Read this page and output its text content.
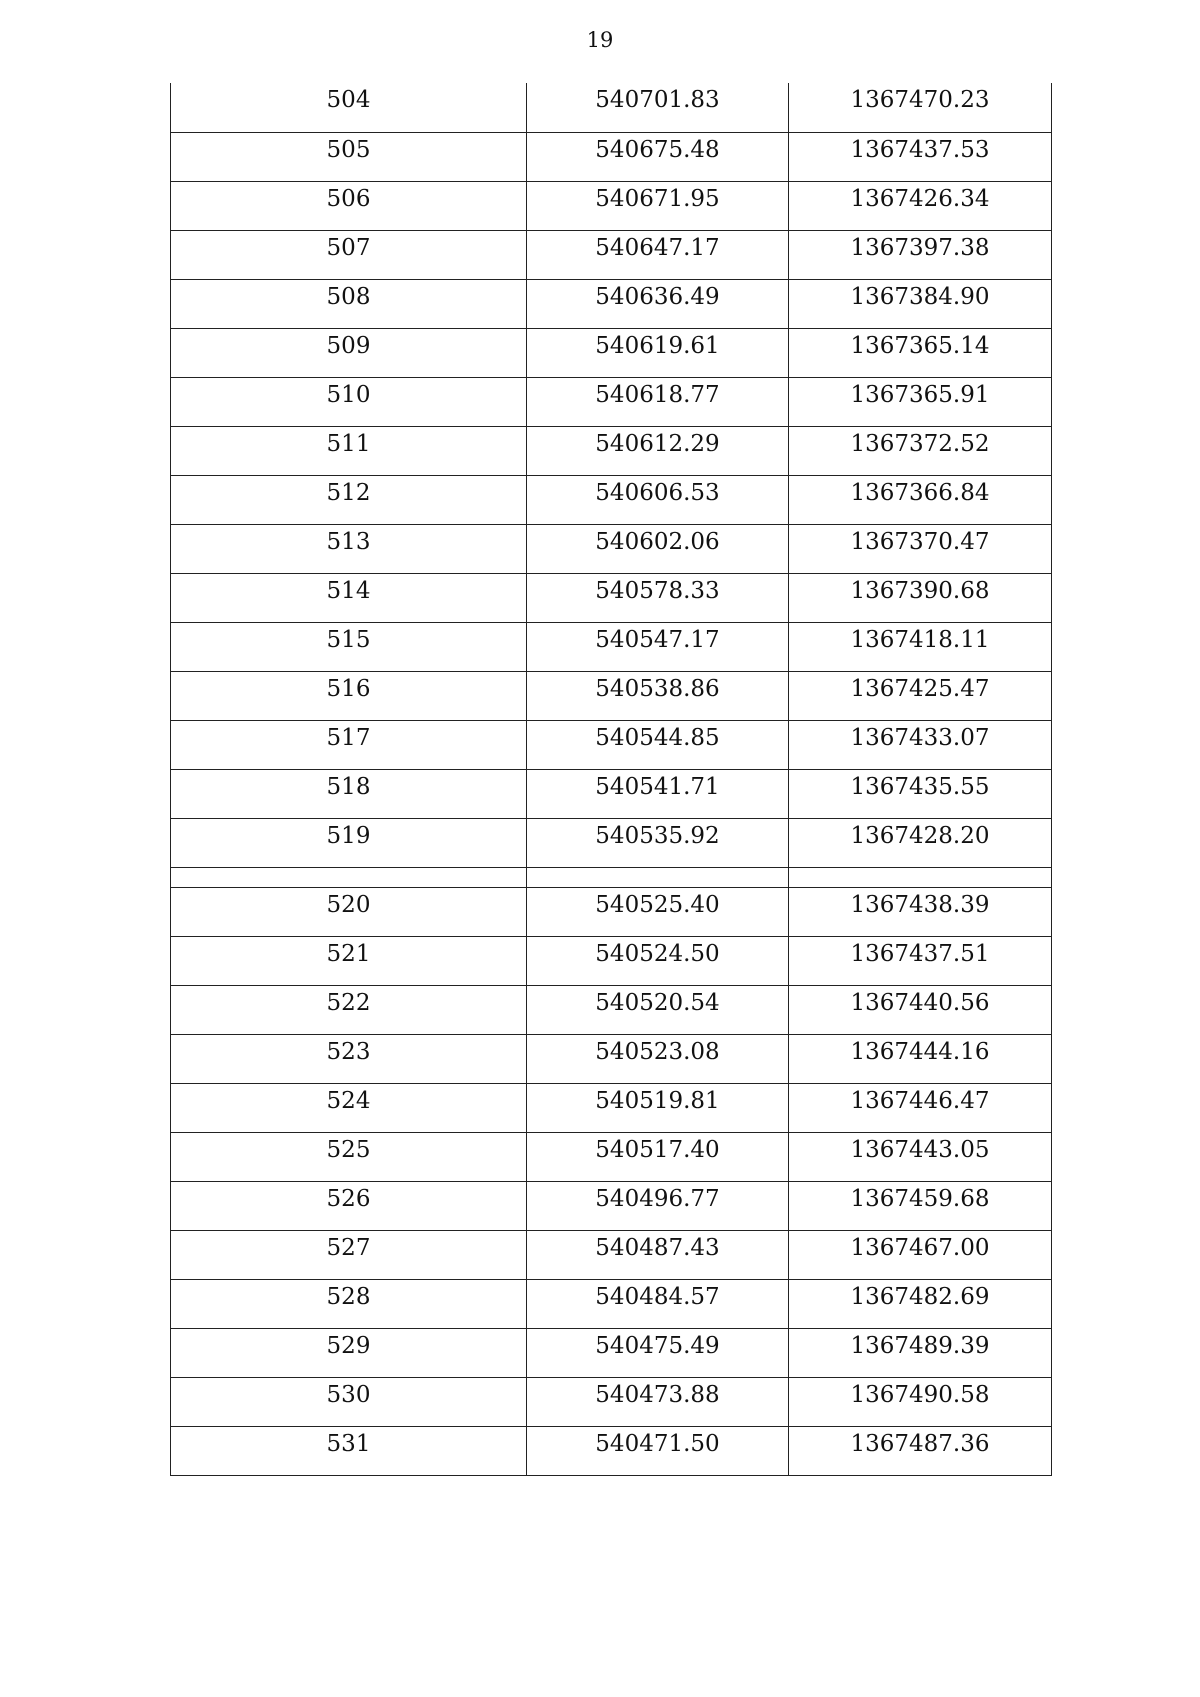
19
504	540701.83	1367470.23
505	540675.48	1367437.53
506	540671.95	1367426.34
507	540647.17	1367397.38
508	540636.49	1367384.90
509	540619.61	1367365.14
510	540618.77	1367365.91
511	540612.29	1367372.52
512	540606.53	1367366.84
513	540602.06	1367370.47
514	540578.33	1367390.68
515	540547.17	1367418.11
516	540538.86	1367425.47
517	540544.85	1367433.07
518	540541.71	1367435.55
519	540535.92	1367428.20

520	540525.40	1367438.39
521	540524.50	1367437.51
522	540520.54	1367440.56
523	540523.08	1367444.16
524	540519.81	1367446.47
525	540517.40	1367443.05
526	540496.77	1367459.68
527	540487.43	1367467.00
528	540484.57	1367482.69
529	540475.49	1367489.39
530	540473.88	1367490.58
531	540471.50	1367487.36
